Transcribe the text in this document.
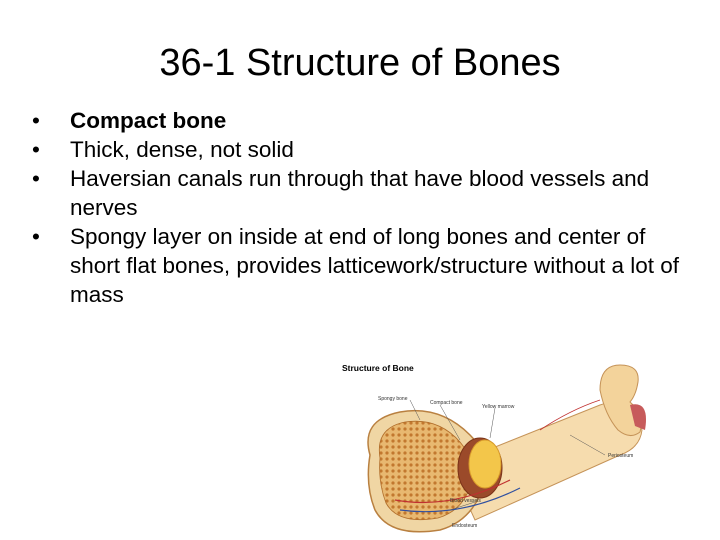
36-1 Structure of Bones
• Compact bone
• Thick, dense, not solid
• Haversian canals run through that have blood vessels and nerves
• Spongy layer on inside at end of long bones and center of short flat bones, provides latticework/structure without a lot of mass
Structure of Bone
Spongy bone
Compact bone
Yellow marrow
Periosteum
Blood vessels
Endosteum
